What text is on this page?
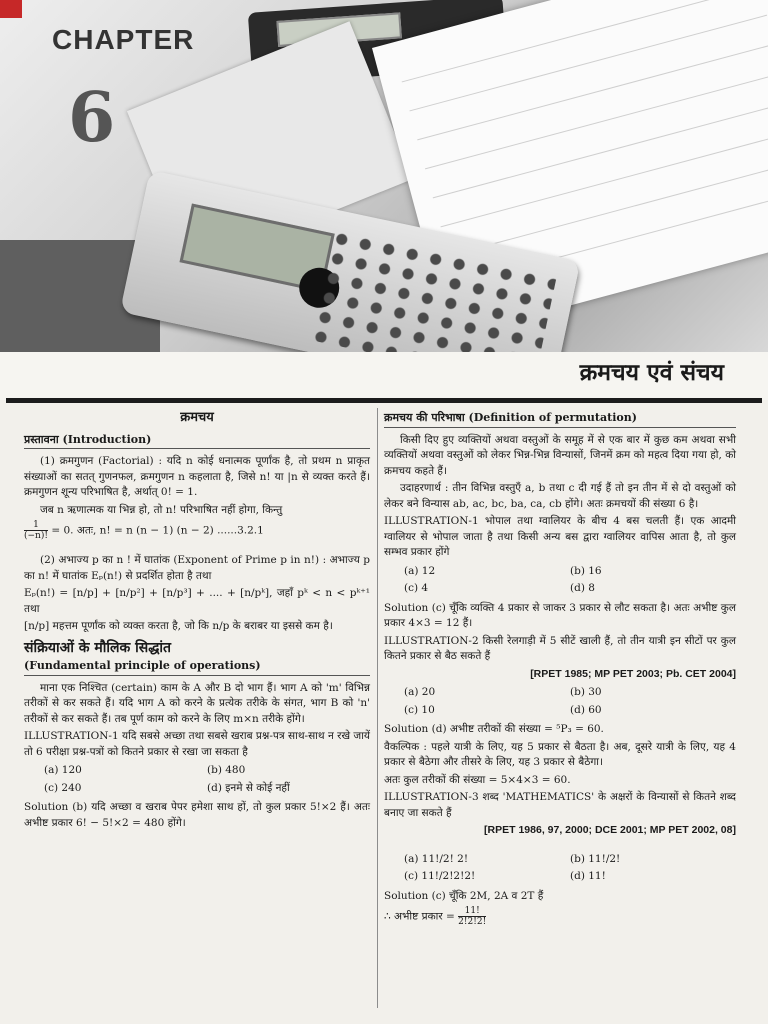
CHAPTER
6
क्रमचय एवं संचय
क्रमचय
प्रस्तावना (Introduction)

(1) क्रमगुणन (Factorial) : यदि n कोई धनात्मक पूर्णांक है, तो प्रथम n प्राकृत संख्याओं का सतत् गुणनफल, क्रमगुणन n कहलाता है, जिसे n! या |n से व्यक्त करते हैं। क्रमगुणन शून्य परिभाषित है, अर्थात् 0! = 1.

जब n ऋणात्मक या भिन्न हो, तो n! परिभाषित नहीं होगा, किन्तु

$\frac{1}{(-n)!} = 0$. अतः, n! = n (n − 1) (n − 2) ......3.2.1

(2) अभाज्य p का n ! में घातांक (Exponent of Prime p in n!) : अभाज्य p का n! में घातांक Eₚ(n!) से प्रदर्शित होता है तथा

Eₚ(n!) = [n/p] + [n/p²] + [n/p³] + .... + [n/pᵏ], जहाँ pᵏ < n < pᵏ⁺¹ तथा

[n/p] महत्तम पूर्णांक को व्यक्त करता है, जो कि n/p के बराबर या इससे कम है।

संक्रियाओं के मौलिक सिद्धांत
(Fundamental principle of operations)

माना एक निश्चित (certain) काम के A और B दो भाग हैं। भाग A को 'm' विभिन्न तरीकों से कर सकते हैं। यदि भाग A को करने के प्रत्येक तरीके के संगत, भाग B को 'n' तरीकों से कर सकते हैं। तब पूर्ण काम को करने के लिए m×n तरीके होंगे।

ILLUSTRATION-1 यदि सबसे अच्छा तथा सबसे खराब प्रश्न-पत्र साथ-साथ न रखे जायें तो 6 परीक्षा प्रश्न-पत्रों को कितने प्रकार से रखा जा सकता है

(a) 120	(b) 480
(c) 240	(d) इनमे से कोई नहीं

Solution (b) यदि अच्छा व खराब पेपर हमेशा साथ हों, तो कुल प्रकार 5!×2 हैं। अतः अभीष्ट प्रकार 6! − 5!×2 = 480 होंगे।

क्रमचय की परिभाषा (Definition of permutation)

किसी दिए हुए व्यक्तियों अथवा वस्तुओं के समूह में से एक बार में कुछ कम अथवा सभी व्यक्तियों अथवा वस्तुओं को लेकर भिन्न-भिन्न विन्यासों, जिनमें क्रम को महत्व दिया गया हो, को क्रमचय कहते हैं।

उदाहरणार्थ : तीन विभिन्न वस्तुएँ a, b तथा c दी गई हैं तो इन तीन में से दो वस्तुओं को लेकर बने विन्यास ab, ac, bc, ba, ca, cb होंगे। अतः क्रमचयों की संख्या 6 है।

ILLUSTRATION-1 भोपाल तथा ग्वालियर के बीच 4 बस चलती हैं। एक आदमी ग्वालियर से भोपाल जाता है तथा किसी अन्य बस द्वारा ग्वालियर वापिस आता है, तो कुल सम्भव प्रकार होंगे

(a) 12	(b) 16
(c) 4	(d) 8

Solution (c) चूँकि व्यक्ति 4 प्रकार से जाकर 3 प्रकार से लौट सकता है। अतः अभीष्ट कुल प्रकार 4×3 = 12 हैं।

ILLUSTRATION-2 किसी रेलगाड़ी में 5 सीटें खाली हैं, तो तीन यात्री इन सीटों पर कुल कितने प्रकार से बैठ सकते हैं

[RPET 1985; MP PET 2003; Pb. CET 2004]
(a) 20	(b) 30
(c) 10	(d) 60

Solution (d) अभीष्ट तरीकों की संख्या = ⁵P₃ = 60.

वैकल्पिक : पहले यात्री के लिए, यह 5 प्रकार से बैठता है। अब, दूसरे यात्री के लिए, यह 4 प्रकार से बैठेगा और तीसरे के लिए, यह 3 प्रकार से बैठेगा।

अतः कुल तरीकों की संख्या = 5×4×3 = 60.

ILLUSTRATION-3 शब्द 'MATHEMATICS' के अक्षरों के विन्यासों से कितने शब्द बनाए जा सकते हैं

[RPET 1986, 97, 2000; DCE 2001; MP PET 2002, 08]
(a) 11!/2! 2!	(b) 11!/2!
(c) 11!/2!2!2!	(d) 11!

Solution (c) चूँकि 2M, 2A व 2T हैं

∴ अभीष्ट प्रकार = $\frac{11!}{2!2!2!}$
